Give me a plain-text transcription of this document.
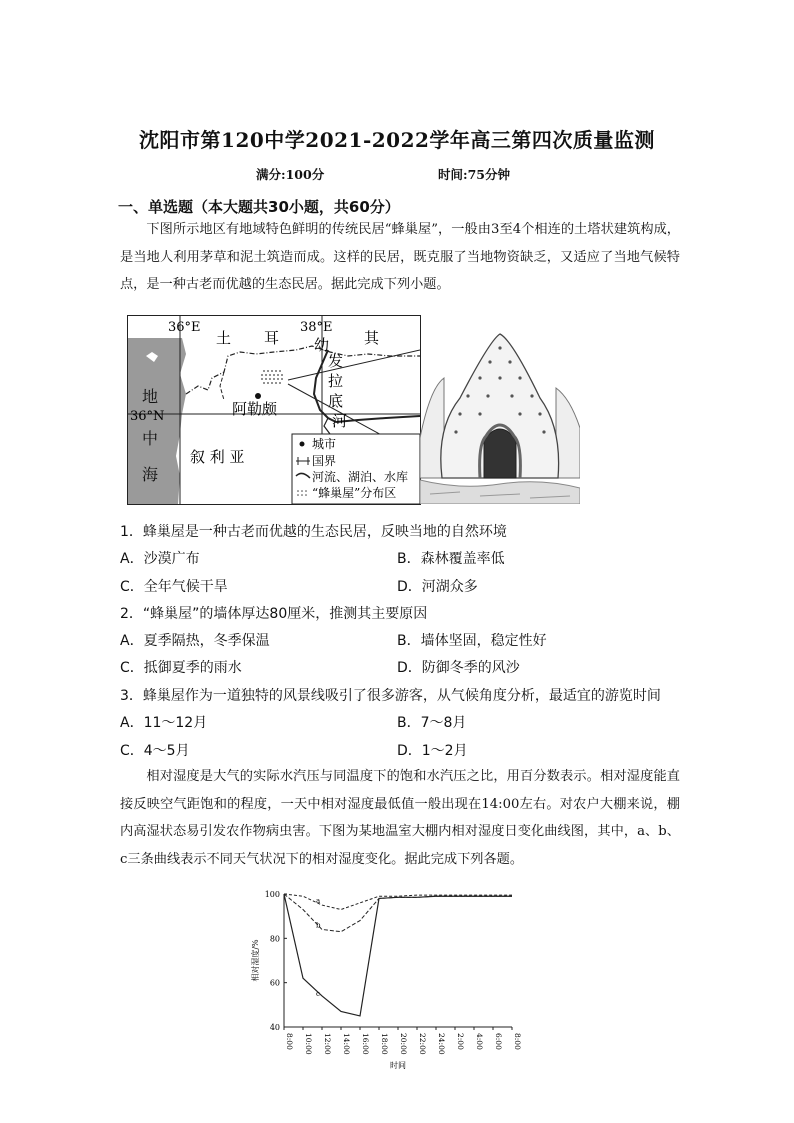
沈阳市第120中学2021-2022学年高三第四次质量监测
满分:100分	时间:75分钟
一、单选题（本大题共30小题，共60分）

下图所示地区有地域特色鲜明的传统民居“蜂巢屋”，一般由3至4个相连的土塔状建筑构成，是当地人利用茅草和泥土筑造而成。这样的民居，既克服了当地物资缺乏，又适应了当地气候特点，是一种古老而优越的生态民居。据此完成下列小题。

36°E	38°E
36°N
土 耳	其
幼
发
拉
底
河
地
中
海
阿勒颇
叙 利 亚
城市
国界
河流、湖泊、水库
“蜂巢屋”分布区
1．蜂巢屋是一种古老而优越的生态民居，反映当地的自然环境
A．沙漠广布	B．森林覆盖率低
C．全年气候干旱	D．河湖众多
2．“蜂巢屋”的墙体厚达80厘米，推测其主要原因
A．夏季隔热，冬季保温	B．墙体坚固，稳定性好
C．抵御夏季的雨水	D．防御冬季的风沙
3．蜂巢屋作为一道独特的风景线吸引了很多游客，从气候角度分析，最适宜的游览时间
A．11～12月	B．7～8月
C．4～5月	D．1～2月

相对湿度是大气的实际水汽压与同温度下的饱和水汽压之比，用百分数表示。相对湿度能直接反映空气距饱和的程度，一天中相对湿度最低值一般出现在14:00左右。对农户大棚来说，棚内高湿状态易引发农作物病虫害。下图为某地温室大棚内相对湿度日变化曲线图，其中，a、b、c三条曲线表示不同天气状况下的相对湿度变化。据此完成下列各题。

100
80
60
40
8:00 10:00 12:00 14:00 16:00 18:00 20:00 22:00 24:00 2:00 4:00 6:00 8:00
相对湿度/%
时间
a
b
c
